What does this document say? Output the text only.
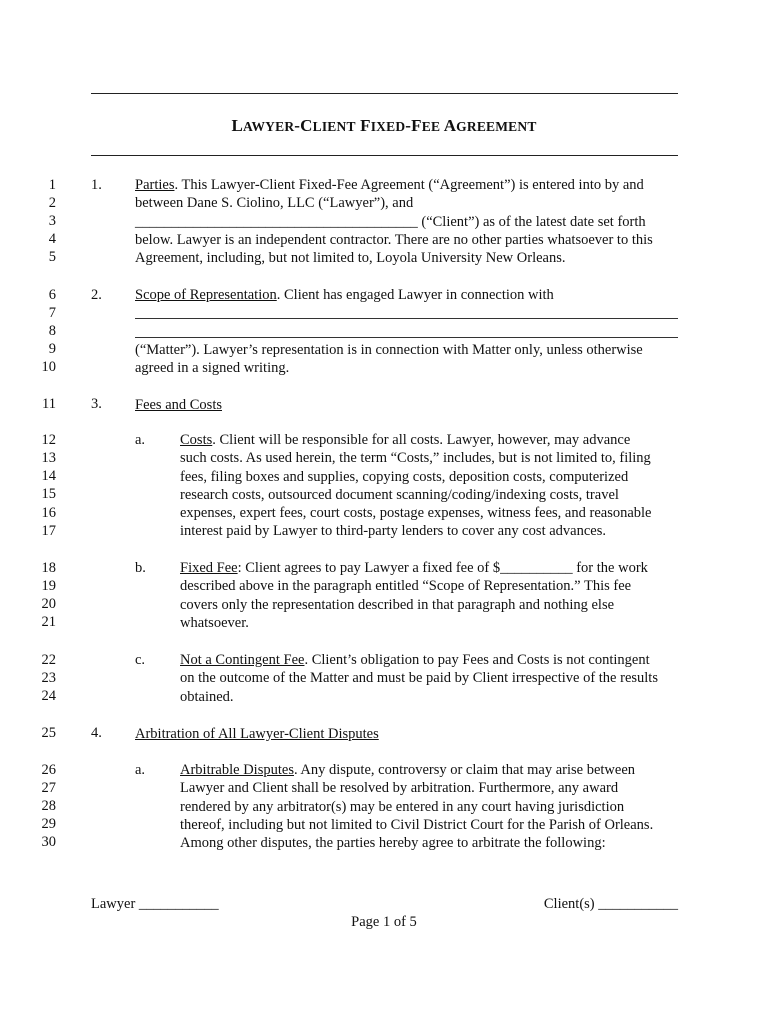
LAWYER-CLIENT FIXED-FEE AGREEMENT
1
2
3
4
5
6
7
8
9
10
11
12
13
14
15
16
17
18
19
20
21
22
23
24
25
26
27
28
29
30
1. Parties. This Lawyer-Client Fixed-Fee Agreement (“Agreement”) is entered into by and
between Dane S. Ciolino, LLC (“Lawyer”), and
_______________________________________ (“Client”) as of the latest date set forth
below. Lawyer is an independent contractor. There are no other parties whatsoever to this
Agreement, including, but not limited to, Loyola University New Orleans.
2. Scope of Representation. Client has engaged Lawyer in connection with
(“Matter”). Lawyer’s representation is in connection with Matter only, unless otherwise
agreed in a signed writing.
3. Fees and Costs
a. Costs. Client will be responsible for all costs. Lawyer, however, may advance
such costs. As used herein, the term “Costs,” includes, but is not limited to, filing
fees, filing boxes and supplies, copying costs, deposition costs, computerized
research costs, outsourced document scanning/coding/indexing costs, travel
expenses, expert fees, court costs, postage expenses, witness fees, and reasonable
interest paid by Lawyer to third-party lenders to cover any cost advances.
b. Fixed Fee: Client agrees to pay Lawyer a fixed fee of $__________ for the work
described above in the paragraph entitled “Scope of Representation.” This fee
covers only the representation described in that paragraph and nothing else
whatsoever.
c. Not a Contingent Fee. Client’s obligation to pay Fees and Costs is not contingent
on the outcome of the Matter and must be paid by Client irrespective of the results
obtained.
4. Arbitration of All Lawyer-Client Disputes
a. Arbitrable Disputes. Any dispute, controversy or claim that may arise between
Lawyer and Client shall be resolved by arbitration. Furthermore, any award
rendered by any arbitrator(s) may be entered in any court having jurisdiction
thereof, including but not limited to Civil District Court for the Parish of Orleans.
Among other disputes, the parties hereby agree to arbitrate the following:
Lawyer ___________	Client(s) ___________
Page 1 of 5
